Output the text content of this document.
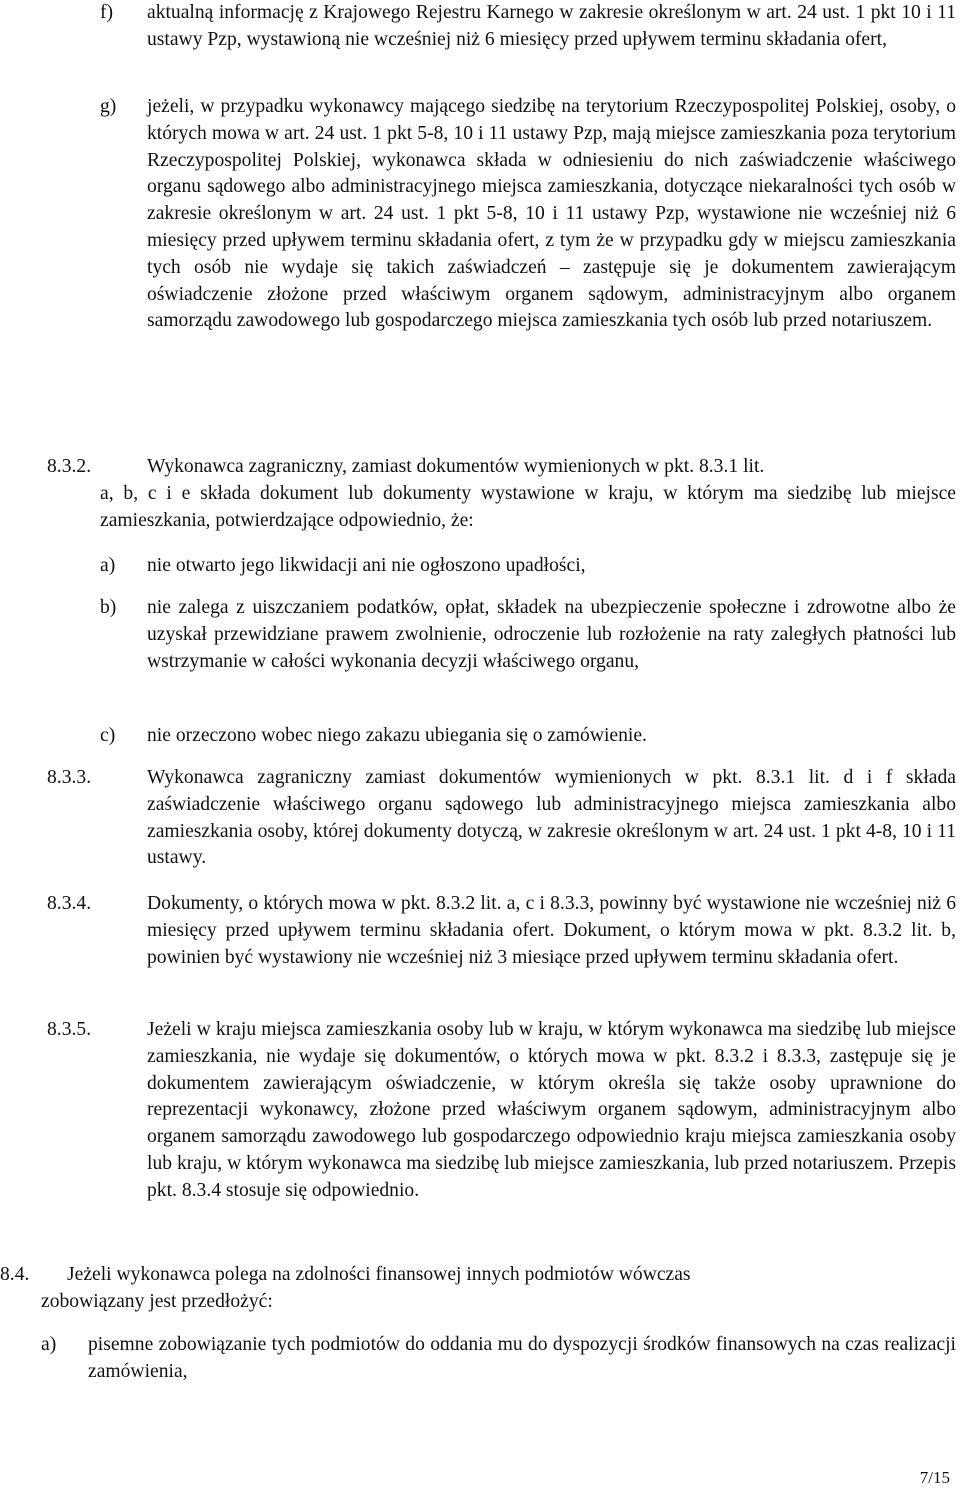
f)	aktualną informację z Krajowego Rejestru Karnego w zakresie określonym w art. 24 ust. 1 pkt 10 i 11 ustawy Pzp, wystawioną nie wcześniej niż 6 miesięcy przed upływem terminu składania ofert,
g)	jeżeli, w przypadku wykonawcy mającego siedzibę na terytorium Rzeczypospolitej Polskiej, osoby, o których mowa w art. 24 ust. 1 pkt 5-8, 10 i 11 ustawy Pzp, mają miejsce zamieszkania poza terytorium Rzeczypospolitej Polskiej, wykonawca składa w odniesieniu do nich zaświadczenie właściwego organu sądowego albo administracyjnego miejsca zamieszkania, dotyczące niekaralności tych osób w zakresie określonym w art. 24 ust. 1 pkt 5-8, 10 i 11 ustawy Pzp, wystawione nie wcześniej niż 6 miesięcy przed upływem terminu składania ofert, z tym że w przypadku gdy w miejscu zamieszkania tych osób nie wydaje się takich zaświadczeń – zastępuje się je dokumentem zawierającym oświadczenie złożone przed właściwym organem sądowym, administracyjnym albo organem samorządu zawodowego lub gospodarczego miejsca zamieszkania tych osób lub przed notariuszem.
8.3.2.	Wykonawca zagraniczny, zamiast dokumentów wymienionych w pkt. 8.3.1 lit.
a, b, c i e składa dokument lub dokumenty wystawione w kraju, w którym ma siedzibę lub miejsce zamieszkania, potwierdzające odpowiednio, że:
a)	nie otwarto jego likwidacji ani nie ogłoszono upadłości,
b)	nie zalega z uiszczaniem podatków, opłat, składek na ubezpieczenie społeczne i zdrowotne albo że uzyskał przewidziane prawem zwolnienie, odroczenie lub rozłożenie na raty zaległych płatności lub wstrzymanie w całości wykonania decyzji właściwego organu,
c)	nie orzeczono wobec niego zakazu ubiegania się o zamówienie.
8.3.3.	Wykonawca zagraniczny zamiast dokumentów wymienionych w pkt. 8.3.1 lit. d i f składa zaświadczenie właściwego organu sądowego lub administracyjnego miejsca zamieszkania albo zamieszkania osoby, której dokumenty dotyczą, w zakresie określonym w art. 24 ust. 1 pkt 4-8, 10 i 11 ustawy.
8.3.4.	Dokumenty, o których mowa w pkt. 8.3.2 lit. a, c i 8.3.3, powinny być wystawione nie wcześniej niż 6 miesięcy przed upływem terminu składania ofert. Dokument, o którym mowa w pkt. 8.3.2 lit. b, powinien być wystawiony nie wcześniej niż 3 miesiące przed upływem terminu składania ofert.
8.3.5.	Jeżeli w kraju miejsca zamieszkania osoby lub w kraju, w którym wykonawca ma siedzibę lub miejsce zamieszkania, nie wydaje się dokumentów, o których mowa w pkt. 8.3.2 i 8.3.3, zastępuje się je dokumentem zawierającym oświadczenie, w którym określa się także osoby uprawnione do reprezentacji wykonawcy, złożone przed właściwym organem sądowym, administracyjnym albo organem samorządu zawodowego lub gospodarczego odpowiednio kraju miejsca zamieszkania osoby lub kraju, w którym wykonawca ma siedzibę lub miejsce zamieszkania, lub przed notariuszem. Przepis pkt. 8.3.4 stosuje się odpowiednio.
8.4.	Jeżeli wykonawca polega na zdolności finansowej innych podmiotów wówczas
zobowiązany jest przedłożyć:
a)	pisemne zobowiązanie tych podmiotów do oddania mu do dyspozycji środków finansowych na czas realizacji zamówienia,
7/15
